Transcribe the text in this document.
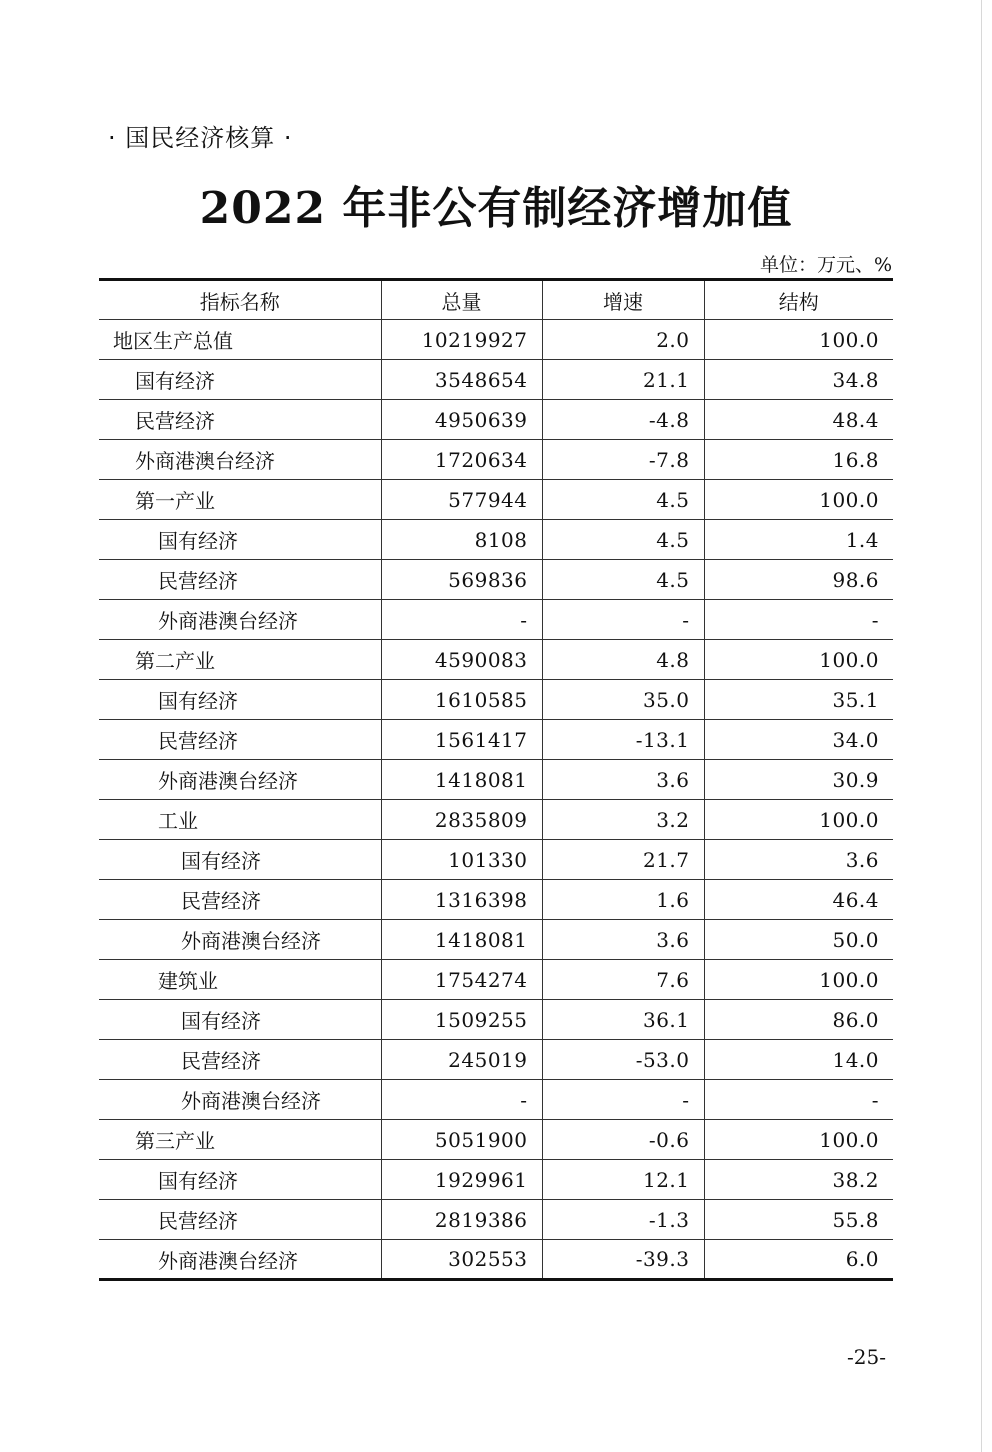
· 国民经济核算 ·
2022 年非公有制经济增加值
单位：万元、%
指标名称	总量	增速	结构
地区生产总值	10219927	2.0	100.0
国有经济	3548654	21.1	34.8
民营经济	4950639	-4.8	48.4
外商港澳台经济	1720634	-7.8	16.8
第一产业	577944	4.5	100.0
国有经济	8108	4.5	1.4
民营经济	569836	4.5	98.6
外商港澳台经济	-	-	-
第二产业	4590083	4.8	100.0
国有经济	1610585	35.0	35.1
民营经济	1561417	-13.1	34.0
外商港澳台经济	1418081	3.6	30.9
工业	2835809	3.2	100.0
国有经济	101330	21.7	3.6
民营经济	1316398	1.6	46.4
外商港澳台经济	1418081	3.6	50.0
建筑业	1754274	7.6	100.0
国有经济	1509255	36.1	86.0
民营经济	245019	-53.0	14.0
外商港澳台经济	-	-	-
第三产业	5051900	-0.6	100.0
国有经济	1929961	12.1	38.2
民营经济	2819386	-1.3	55.8
外商港澳台经济	302553	-39.3	6.0
-25-
